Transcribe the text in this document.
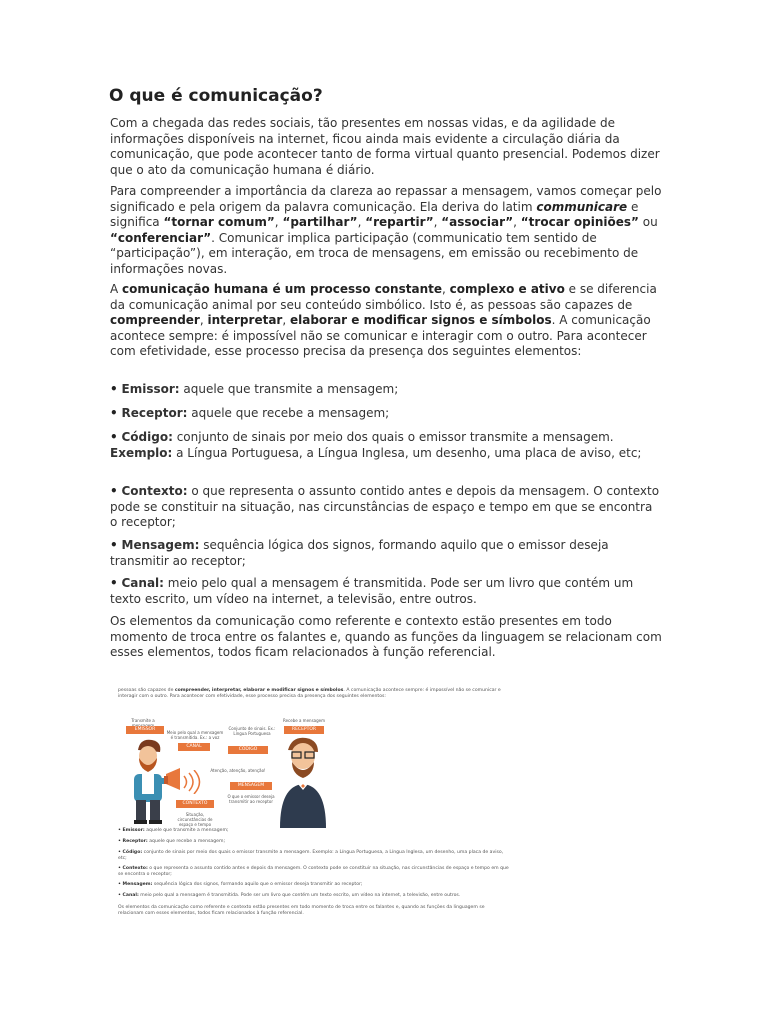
O que é comunicação?

Com a chegada das redes sociais, tão presentes em nossas vidas, e da agilidade de informações disponíveis na internet, ficou ainda mais evidente a circulação diária da comunicação, que pode acontecer tanto de forma virtual quanto presencial. Podemos dizer que o ato da comunicação humana é diário.

Para compreender a importância da clareza ao repassar a mensagem, vamos começar pelo significado e pela origem da palavra comunicação. Ela deriva do latim communicare e significa “tornar comum”, “partilhar”, “repartir”, “associar”, “trocar opiniões” ou “conferenciar”. Comunicar implica participação (communicatio tem sentido de “participação”), em interação, em troca de mensagens, em emissão ou recebimento de informações novas.

A comunicação humana é um processo constante, complexo e ativo e se diferencia da comunicação animal por seu conteúdo simbólico. Isto é, as pessoas são capazes de compreender, interpretar, elaborar e modificar signos e símbolos. A comunicação acontece sempre: é impossível não se comunicar e interagir com o outro. Para acontecer com efetividade, esse processo precisa da presença dos seguintes elementos:

• Emissor: aquele que transmite a mensagem;

• Receptor: aquele que recebe a mensagem;

• Código: conjunto de sinais por meio dos quais o emissor transmite a mensagem. Exemplo: a Língua Portuguesa, a Língua Inglesa, um desenho, uma placa de aviso, etc;

• Contexto: o que representa o assunto contido antes e depois da mensagem. O contexto pode se constituir na situação, nas circunstâncias de espaço e tempo em que se encontra o receptor;

• Mensagem: sequência lógica dos signos, formando aquilo que o emissor deseja transmitir ao receptor;

• Canal: meio pelo qual a mensagem é transmitida. Pode ser um livro que contém um texto escrito, um vídeo na internet, a televisão, entre outros.

Os elementos da comunicação como referente e contexto estão presentes em todo momento de troca entre os falantes e, quando as funções da linguagem se relacionam com esses elementos, todos ficam relacionados à função referencial.

pessoas são capazes de compreender, interpretar, elaborar e modificar signos e símbolos. A comunicação acontece sempre: é impossível não se comunicar e interagir com o outro. Para acontecer com efetividade, esse processo precisa da presença dos seguintes elementos:

Transmite a
EMISSOR
Meio pelo qual a mensagem é transmitida. Ex.: a voz
CANAL
Conjunto de sinais. Ex.: Língua Portuguesa
CÓDIGO
Recebe a mensagem
RECEPTOR
Atenção, atenção, atenção!
MENSAGEM
O que o emissor deseja transmitir ao receptor
CONTEXTO
Situação, circunstâncias de espaço e tempo

• Emissor: aquele que transmite a mensagem;

• Receptor: aquele que recebe a mensagem;

• Código: conjunto de sinais por meio dos quais o emissor transmite a mensagem. Exemplo: a Língua Portuguesa, a Língua Inglesa, um desenho, uma placa de aviso, etc;

• Contexto: o que representa o assunto contido antes e depois da mensagem. O contexto pode se constituir na situação, nas circunstâncias de espaço e tempo em que se encontra o receptor;

• Mensagem: sequência lógica dos signos, formando aquilo que o emissor deseja transmitir ao receptor;

• Canal: meio pelo qual a mensagem é transmitida. Pode ser um livro que contém um texto escrito, um vídeo na internet, a televisão, entre outros.

Os elementos da comunicação como referente e contexto estão presentes em todo momento de troca entre os falantes e, quando as funções da linguagem se relacionam com esses elementos, todos ficam relacionados à função referencial.
